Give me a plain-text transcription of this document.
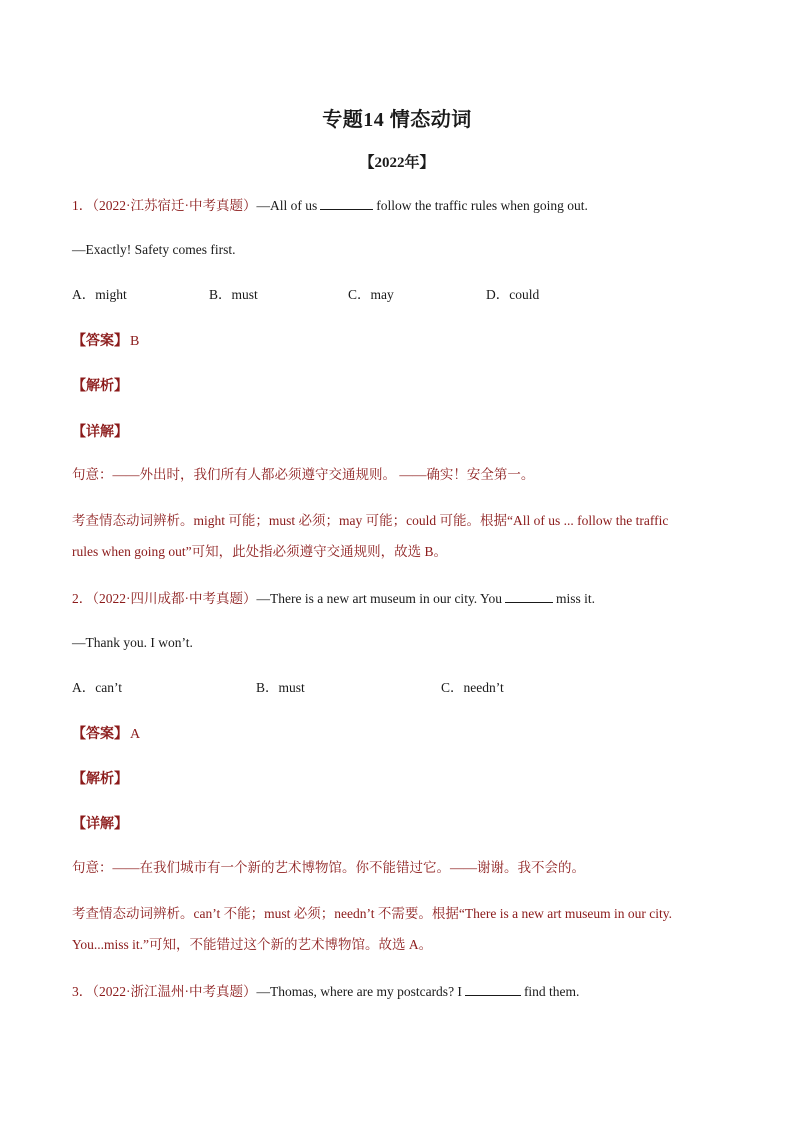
专题14 情态动词
【2022年】
1．（2022·江苏宿迁·中考真题）—All of us	follow the traffic rules when going out.
—Exactly! Safety comes first.
A．might	B．must	C．may	D．could
【答案】 B
【解析】
【详解】
句意：——外出时，我们所有人都必须遵守交通规则。 ——确实！安全第一。
考查情态动词辨析。might 可能；must 必须；may 可能；could 可能。根据“All of us ... follow the traffic
rules when going out”可知，此处指必须遵守交通规则，故选 B。
2．（2022·四川成都·中考真题）—There is a new art museum in our city. You	miss it.
—Thank you. I won’t.
A．can’t	B．must	C．needn’t
【答案】 A
【解析】
【详解】
句意：——在我们城市有一个新的艺术博物馆。你不能错过它。——谢谢。我不会的。
考查情态动词辨析。can’t 不能；must 必须；needn’t 不需要。根据“There is a new art museum in our city.
You...miss it.”可知，不能错过这个新的艺术博物馆。故选 A。
3．（2022·浙江温州·中考真题）—Thomas, where are my postcards? I	find them.
